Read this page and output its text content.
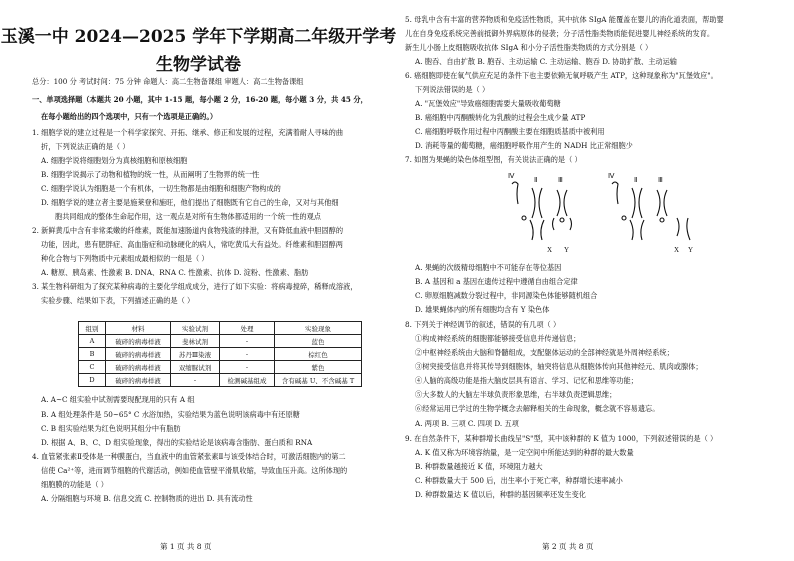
玉溪一中 2024—2025 学年下学期高二年级开学考
生物学试卷
总分：100 分 考试时间：75 分钟 命题人：高二生物备课组 审题人：高二生物备课组
一、单项选择题（本题共 20 小题，其中 1-15 题，每小题 2 分，16-20 题，每小题 3 分，共 45 分，
在每小题给出的四个选项中，只有一个选项是正确的。）
1. 细胞学说的建立过程是一个科学家探究、开拓、继承、修正和发展的过程，充满着耐人寻味的曲
折，下列说法正确的是（ ）
A. 细胞学说将细胞划分为真核细胞和原核细胞
B. 细胞学说揭示了动物和植物的统一性，从而阐明了生物界的统一性
C. 细胞学说认为细胞是一个有机体，一切生物都是由细胞和细胞产物构成的
D. 细胞学说的建立者主要是施莱登和施旺，他们提出了细胞既有它自己的生命，又对与其他细
胞共同组成的整体生命起作用，这一观点是对所有生物体都适用的一个统一性的观点
2. 新鲜黄瓜中含有非常柔嫩的纤维素，既能加速肠道内食物残渣的排泄，又有降低血液中胆固醇的
功能，因此，患有肥胖症、高血脂症和动脉硬化的病人，常吃黄瓜大有益处。纤维素和胆固醇两
种化合物与下列物质中元素组成最相似的一组是（ ）
A. 糖原、胰岛素、性激素 B. DNA、RNA C. 性激素、抗体 D. 淀粉、性激素、脂肪
3. 某生物科研组为了探究某种病毒的主要化学组成成分，进行了如下实验：将病毒搅碎，稀释成溶液，
实验步骤、结果如下表，下列描述正确的是（ ）
组别	材料	实验试剂	处理	实验现象
A	破碎的病毒样液	斐林试剂	-	蓝色
B	破碎的病毒样液	苏丹Ⅲ染液	-	棕红色
C	破碎的病毒样液	双缩脲试剂	-	紫色
D	破碎的病毒样液	-	检测碱基组成	含有碱基 U、不含碱基 T
A. A~C 组实验中试剂需要现配现用的只有 A 组
B. A 组处理条件是 50~65° C 水浴加热，实验结果为蓝色说明该病毒中有还原糖
C. B 组实验结果为红色说明其组分中有脂肪
D. 根据 A、B、C、D 组实验现象，得出的实验结论是该病毒含脂肪、蛋白质和 RNA
4. 血管紧张素Ⅱ受体是一种膜蛋白，当血液中的血管紧张素Ⅱ与该受体结合时，可激活细胞内的第二
信使 Ca²⁺等，进而调节细胞的代谢活动，例如使血管壁平滑肌收缩，导致血压升高。这所体现的
细胞膜的功能是（ ）
A. 分隔细胞与环境 B. 信息交流 C. 控制物质的进出 D. 具有流动性
第 1 页 共 8 页
5. 母乳中含有丰富的营养物质和免疫活性物质，其中抗体 SIgA 能覆盖在婴儿的消化道表面，帮助婴
儿在自身免疫系统完善前抵御外界病原体的侵袭；分子活性脂类物质能促进婴儿神经系统的发育。
新生儿小肠上皮细胞吸收抗体 SIgA 和小分子活性脂类物质的方式分别是（ ）
A. 胞吞、自由扩散 B. 胞吞、主动运输 C. 主动运输、胞吞 D. 协助扩散、主动运输
6. 癌细胞即使在氧气供应充足的条件下也主要依赖无氧呼吸产生 ATP，这种现象称为"瓦堡效应"。
下列说法错误的是（ ）
A. "瓦堡效应"导致癌细胞需要大量吸收葡萄糖
B. 癌细胞中丙酮酸转化为乳酸的过程会生成少量 ATP
C. 癌细胞呼吸作用过程中丙酮酸主要在细胞质基质中被利用
D. 消耗等量的葡萄糖，癌细胞呼吸作用产生的 NADH 比正常细胞少
7. 如图为果蝇的染色体组型图，有关说法正确的是（ ）
Ⅳ	Ⅱ	Ⅲ
X Y
Ⅳ	Ⅱ	Ⅲ
X Y
A. 果蝇的次级精母细胞中不可能存在等位基因
B. A 基因和 a 基因在遗传过程中遵循自由组合定律
C. 卵原细胞减数分裂过程中，非同源染色体能够随机组合
D. 雄果蝇体内的所有细胞均含有 Y 染色体
8. 下列关于神经调节的叙述，错误的有几项（ ）
①构成神经系统的细胞都能够接受信息并传递信息；
②中枢神经系统由大脑和脊髓组成，支配躯体运动的全部神经就是外周神经系统；
③树突接受信息并将其传导到细胞体，轴突将信息从细胞体传向其他神经元、肌肉或腺体；
④人脑的高级功能是指大脑皮层具有语言、学习、记忆和思维等功能；
⑤大多数人的大脑左半球负责形象思维，右半球负责逻辑思维；
⑥经常运用已学过的生物学概念去解释相关的生命现象，概念就不容易遗忘。
A. 两项 B. 三项 C. 四项 D. 五项
9. 在自然条件下，某种群增长曲线呈"S"型，其中该种群的 K 值为 1000，下列叙述错误的是（ ）
A. K 值又称为环境容纳量，是一定空间中所能达到的种群的最大数量
B. 种群数量越接近 K 值，环境阻力越大
C. 种群数量大于 500 后，出生率小于死亡率，种群增长速率减小
D. 种群数量达 K 值以后，种群的基因频率还发生变化
第 2 页 共 8 页
